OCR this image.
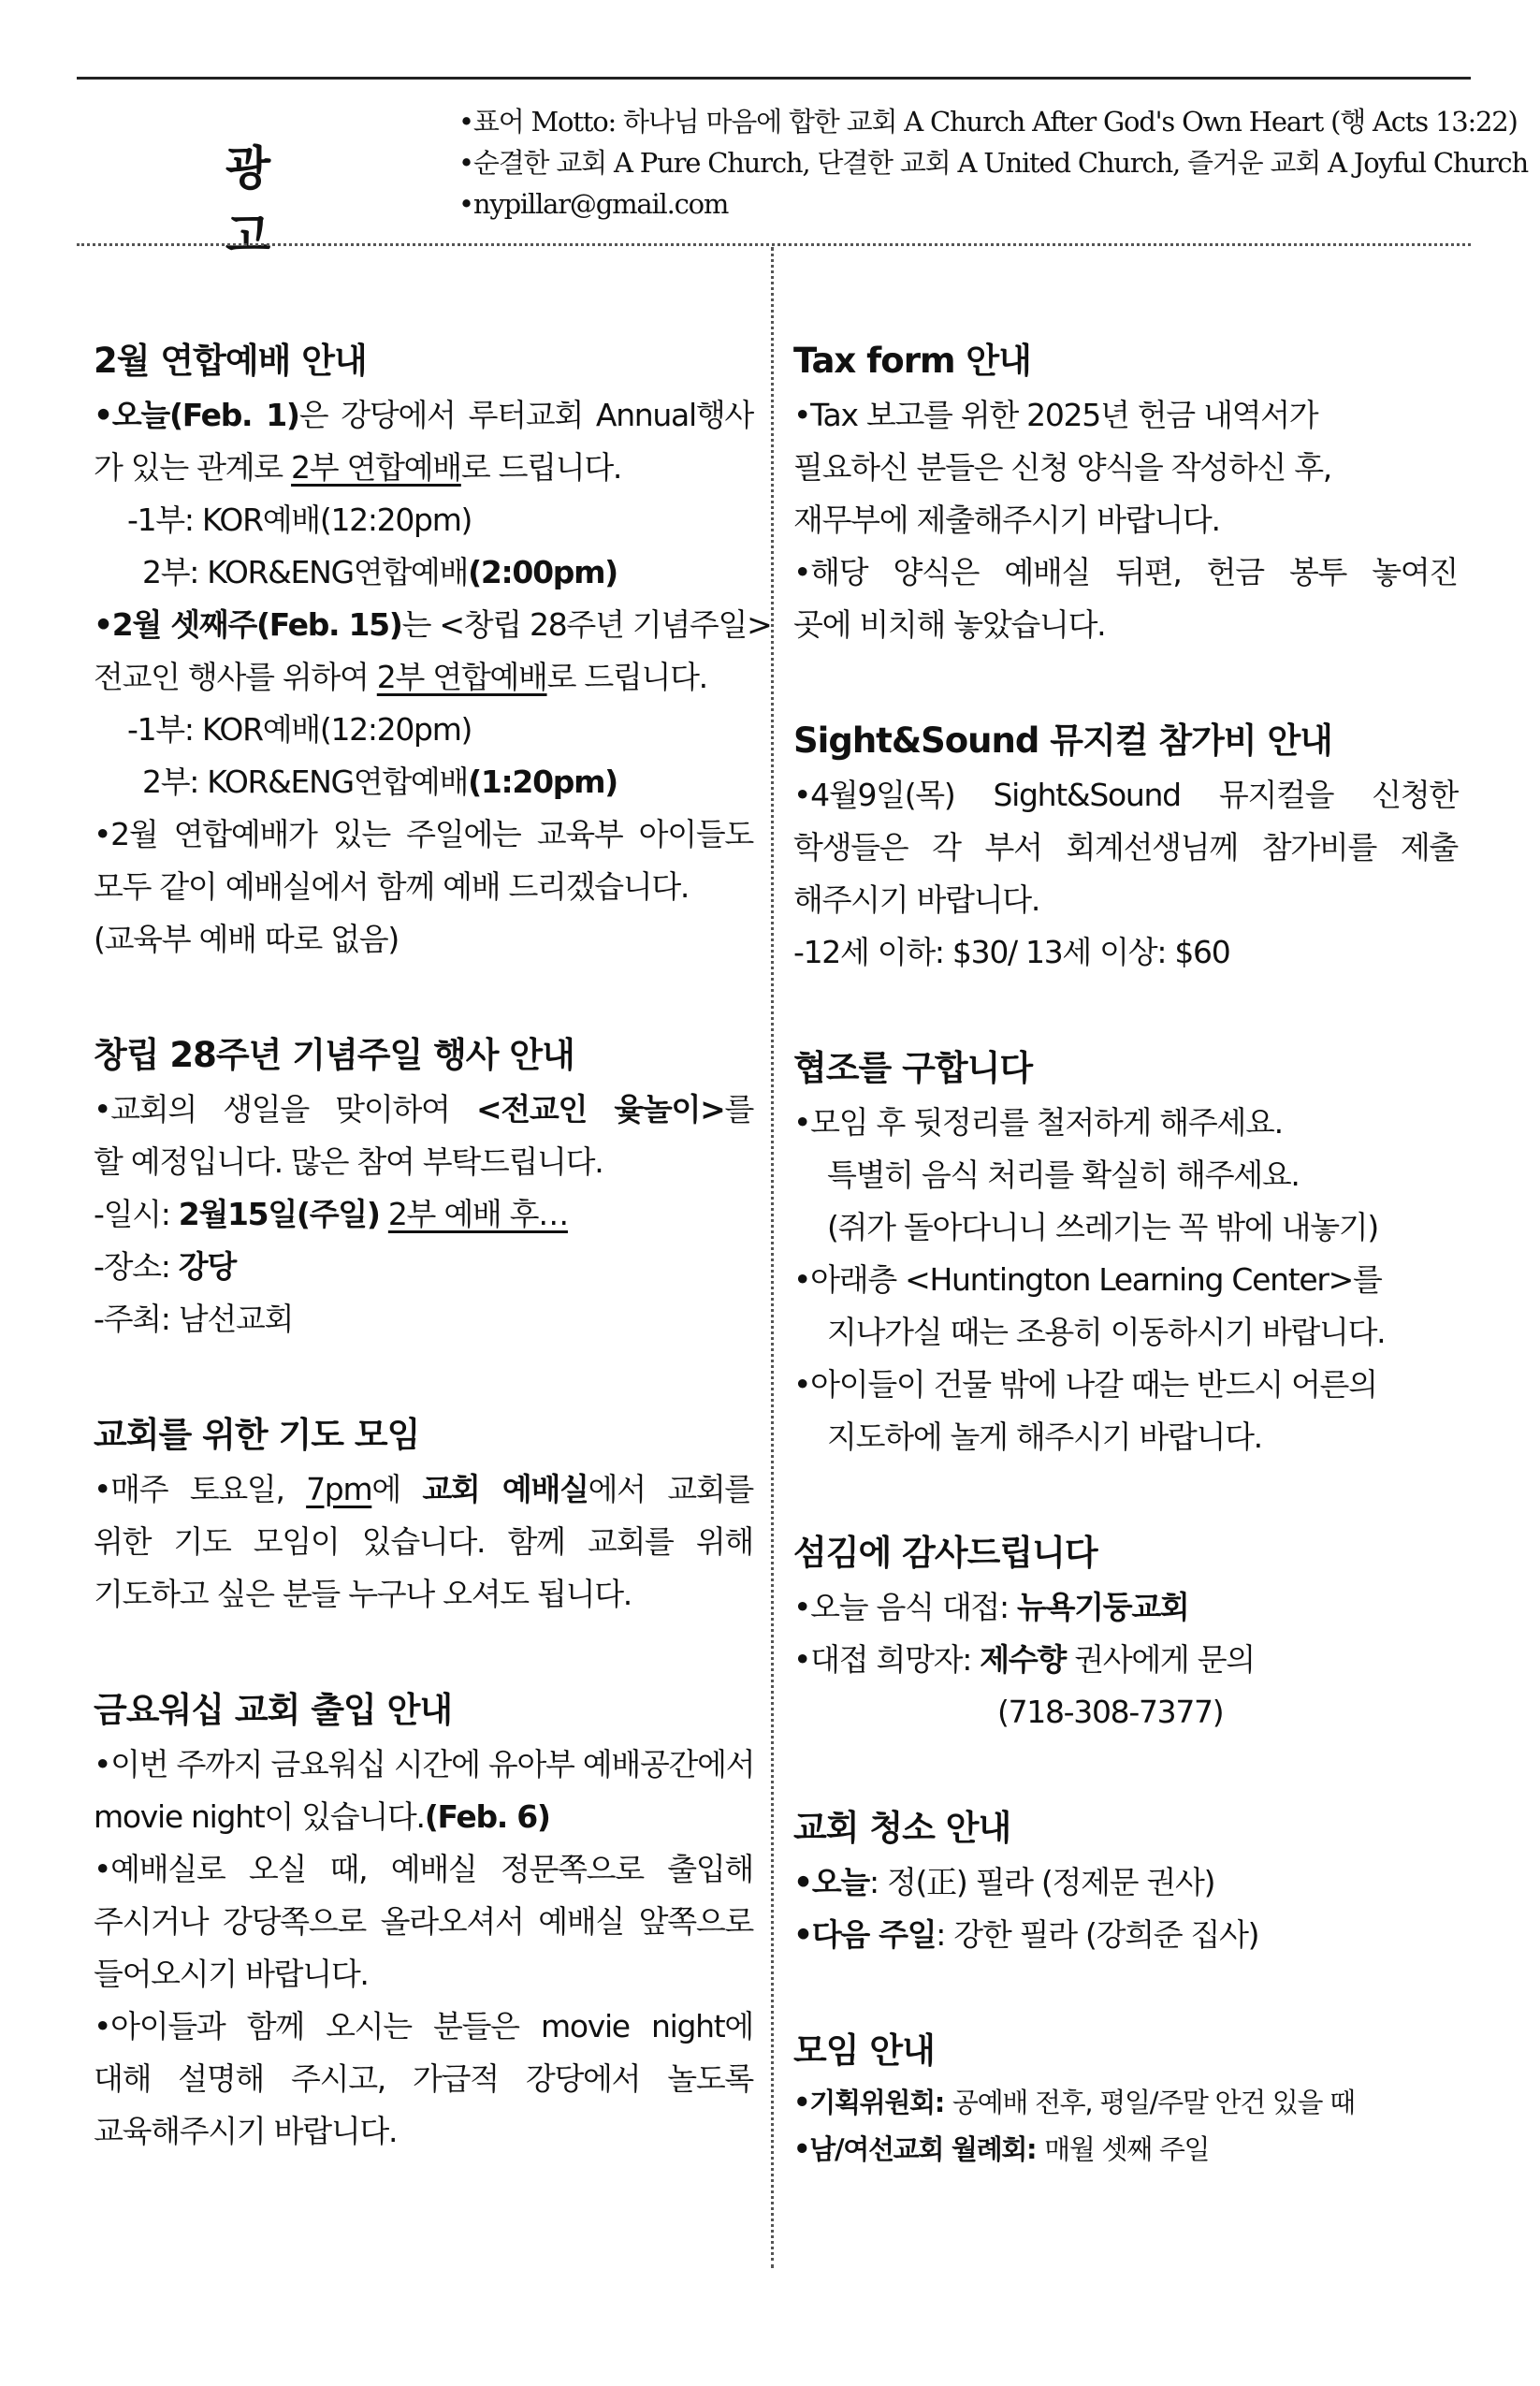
광 고
•표어 Motto: 하나님 마음에 합한 교회 A Church After God's Own Heart (행 Acts 13:22)
•순결한 교회 A Pure Church, 단결한 교회 A United Church, 즐거운 교회 A Joyful Church
•nypillar@gmail.com
2월 연합예배 안내
•오늘(Feb. 1)은 강당에서 루터교회 Annual행사
가 있는 관계로 2부 연합예배로 드립니다.
-1부: KOR예배(12:20pm)
2부: KOR&ENG연합예배(2:00pm)
•2월 셋째주(Feb. 15)는 <창립 28주년 기념주일>
전교인 행사를 위하여 2부 연합예배로 드립니다.
-1부: KOR예배(12:20pm)
2부: KOR&ENG연합예배(1:20pm)
•2월 연합예배가 있는 주일에는 교육부 아이들도
모두 같이 예배실에서 함께 예배 드리겠습니다.
(교육부 예배 따로 없음)
창립 28주년 기념주일 행사 안내
•교회의 생일을 맞이하여 <전교인 윷놀이>를
할 예정입니다. 많은 참여 부탁드립니다.
-일시: 2월15일(주일) 2부 예배 후…
-장소: 강당
-주최: 남선교회
교회를 위한 기도 모임
•매주 토요일, 7pm에 교회 예배실에서 교회를
위한 기도 모임이 있습니다. 함께 교회를 위해
기도하고 싶은 분들 누구나 오셔도 됩니다.
금요워십 교회 출입 안내
•이번 주까지 금요워십 시간에 유아부 예배공간에서
movie night이 있습니다.(Feb. 6)
•예배실로 오실 때, 예배실 정문쪽으로 출입해
주시거나 강당쪽으로 올라오셔서 예배실 앞쪽으로
들어오시기 바랍니다.
•아이들과 함께 오시는 분들은 movie night에
대해 설명해 주시고, 가급적 강당에서 놀도록
교육해주시기 바랍니다.
Tax form 안내
•Tax 보고를 위한 2025년 헌금 내역서가
필요하신 분들은 신청 양식을 작성하신 후,
재무부에 제출해주시기 바랍니다.
•해당 양식은 예배실 뒤편, 헌금 봉투 놓여진
곳에 비치해 놓았습니다.
Sight&Sound 뮤지컬 참가비 안내
•4월9일(목) Sight&Sound 뮤지컬을 신청한
학생들은 각 부서 회계선생님께 참가비를 제출
해주시기 바랍니다.
-12세 이하: $30/ 13세 이상: $60
협조를 구합니다
•모임 후 뒷정리를 철저하게 해주세요.
특별히 음식 처리를 확실히 해주세요.
(쥐가 돌아다니니 쓰레기는 꼭 밖에 내놓기)
•아래층 <Huntington Learning Center>를
지나가실 때는 조용히 이동하시기 바랍니다.
•아이들이 건물 밖에 나갈 때는 반드시 어른의
지도하에 놀게 해주시기 바랍니다.
섬김에 감사드립니다
•오늘 음식 대접: 뉴욕기둥교회
•대접 희망자: 제수향 권사에게 문의
(718-308-7377)
교회 청소 안내
•오늘: 정(正) 필라 (정제문 권사)
•다음 주일: 강한 필라 (강희준 집사)
모임 안내
•기획위원회: 공예배 전후, 평일/주말 안건 있을 때
•남/여선교회 월례회: 매월 셋째 주일
